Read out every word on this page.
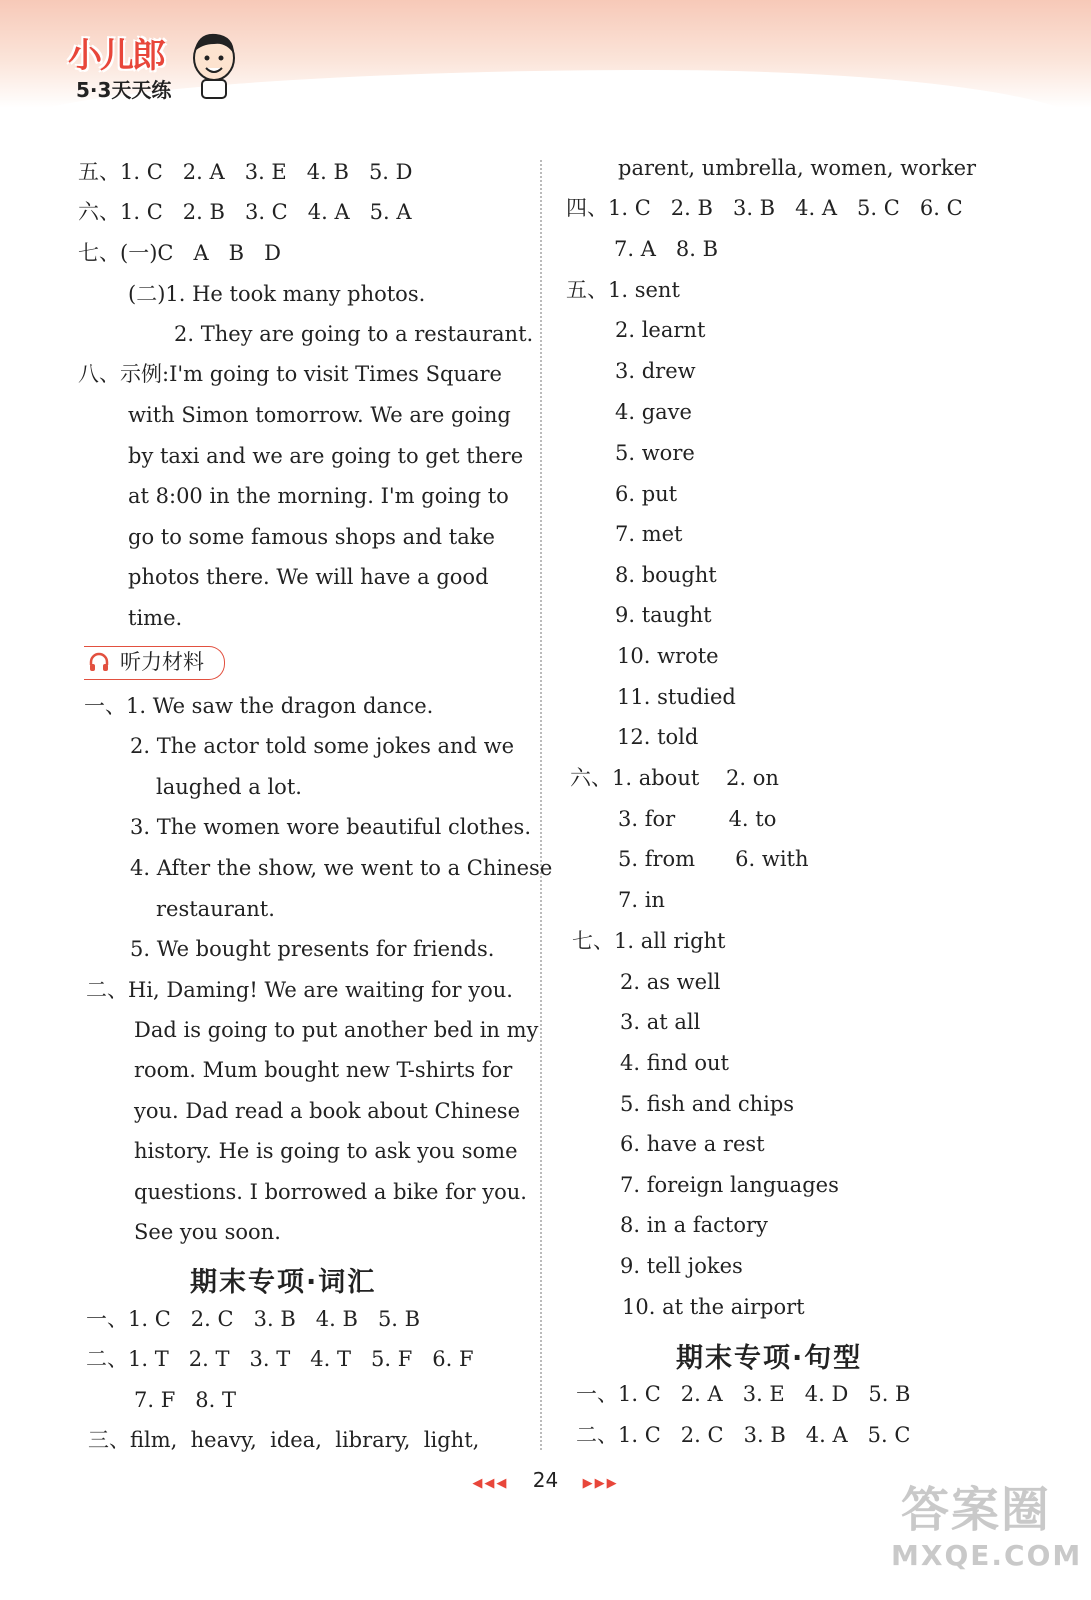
小儿郎
5·3天天练
五、1. C   2. A   3. E   4. B   5. D
六、1. C   2. B   3. C   4. A   5. A
七、(一)C   A   B   D
(二)1. He took many photos.
2. They are going to a restaurant.
八、示例:I'm going to visit Times Square
with Simon tomorrow. We are going
by taxi and we are going to get there
at 8:00 in the morning. I'm going to
go to some famous shops and take
photos there. We will have a good
time.
听力材料
一、1. We saw the dragon dance.
2. The actor told some jokes and we
laughed a lot.
3. The women wore beautiful clothes.
4. After the show, we went to a Chinese
restaurant.
5. We bought presents for friends.
二、Hi, Daming! We are waiting for you.
Dad is going to put another bed in my
room. Mum bought new T-shirts for
you. Dad read a book about Chinese
history. He is going to ask you some
questions. I borrowed a bike for you.
See you soon.
期末专项·词汇
一、1. C   2. C   3. B   4. B   5. B
二、1. T   2. T   3. T   4. T   5. F   6. F
7. F   8. T
三、film,  heavy,  idea,  library,  light,
parent, umbrella, women, worker
四、1. C   2. B   3. B   4. A   5. C   6. C
7. A   8. B
五、1. sent
2. learnt
3. drew
4. gave
5. wore
6. put
7. met
8. bought
9. taught
10. wrote
11. studied
12. told
六、1. about    2. on
3. for        4. to
5. from      6. with
7. in
七、1. all right
2. as well
3. at all
4. find out
5. fish and chips
6. have a rest
7. foreign languages
8. in a factory
9. tell jokes
10. at the airport
期末专项·句型
一、1. C   2. A   3. E   4. D   5. B
二、1. C   2. C   3. B   4. A   5. C
◀◀◀ 24 ▶▶▶	答案圈
MXQE.COM
